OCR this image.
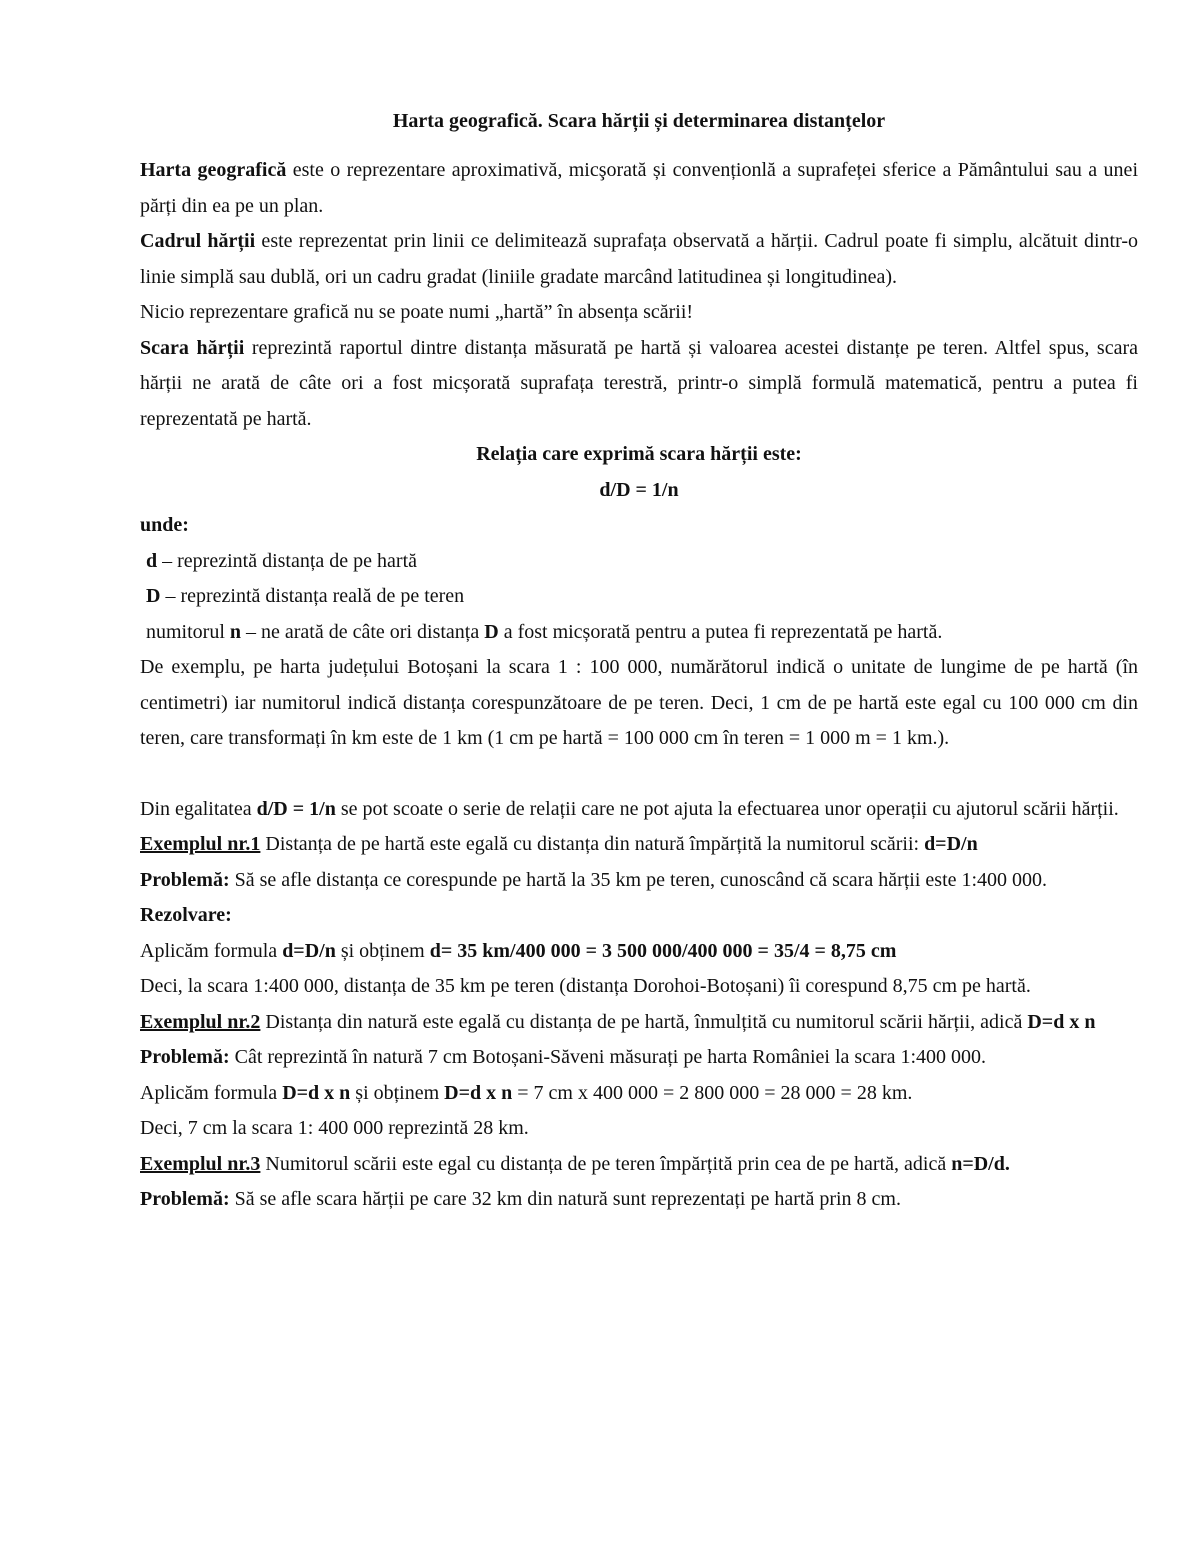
Harta geografică. Scara hărții și determinarea distanțelor

Harta geografică este o reprezentare aproximativă, micşorată și convenționlă a suprafeței sferice a Pământului sau a unei părți din ea pe un plan.

Cadrul hărții este reprezentat prin linii ce delimitează suprafața observată a hărții. Cadrul poate fi simplu, alcătuit dintr-o linie simplă sau dublă, ori un cadru gradat (liniile gradate marcând latitudinea și longitudinea).

Nicio reprezentare grafică nu se poate numi „hartă” în absența scării!

Scara hărții reprezintă raportul dintre distanța măsurată pe hartă și valoarea acestei distanțe pe teren. Altfel spus, scara hărții ne arată de câte ori a fost micșorată suprafața terestră, printr-o simplă formulă matematică, pentru a putea fi reprezentată pe hartă.

Relația care exprimă scara hărții este:

d/D = 1/n

unde:

d – reprezintă distanța de pe hartă

D – reprezintă distanța reală de pe teren

numitorul n – ne arată de câte ori distanța D a fost micșorată pentru a putea fi reprezentată pe hartă.

De exemplu, pe harta județului Botoșani la scara 1 : 100 000, numărătorul indică o unitate de lungime de pe hartă (în centimetri) iar numitorul indică distanța corespunzătoare de pe teren. Deci, 1 cm de pe hartă este egal cu 100 000 cm din teren, care transformați în km este de 1 km (1 cm pe hartă = 100 000 cm în teren = 1 000 m = 1 km.).

Din egalitatea d/D = 1/n se pot scoate o serie de relații care ne pot ajuta la efectuarea unor operații cu ajutorul scării hărții.

Exemplul nr.1 Distanța de pe hartă este egală cu distanța din natură împărțită la numitorul scării: d=D/n

Problemă: Să se afle distanța ce corespunde pe hartă la 35 km pe teren, cunoscând că scara hărții este 1:400 000.

Rezolvare:

Aplicăm formula d=D/n și obținem d= 35 km/400 000 = 3 500 000/400 000 = 35/4 = 8,75 cm

Deci, la scara 1:400 000, distanța de 35 km pe teren (distanța Dorohoi-Botoșani) îi corespund 8,75 cm pe hartă.

Exemplul nr.2 Distanța din natură este egală cu distanța de pe hartă, înmulțită cu numitorul scării hărții, adică D=d x n

Problemă: Cât reprezintă în natură 7 cm Botoșani-Săveni măsurați pe harta României la scara 1:400 000.

Aplicăm formula D=d x n și obținem D=d x n = 7 cm x 400 000 = 2 800 000 = 28 000 = 28 km.

Deci, 7 cm la scara 1: 400 000 reprezintă 28 km.

Exemplul nr.3 Numitorul scării este egal cu distanța de pe teren împărțită prin cea de pe hartă, adică n=D/d.

Problemă: Să se afle scara hărții pe care 32 km din natură sunt reprezentați pe hartă prin 8 cm.
